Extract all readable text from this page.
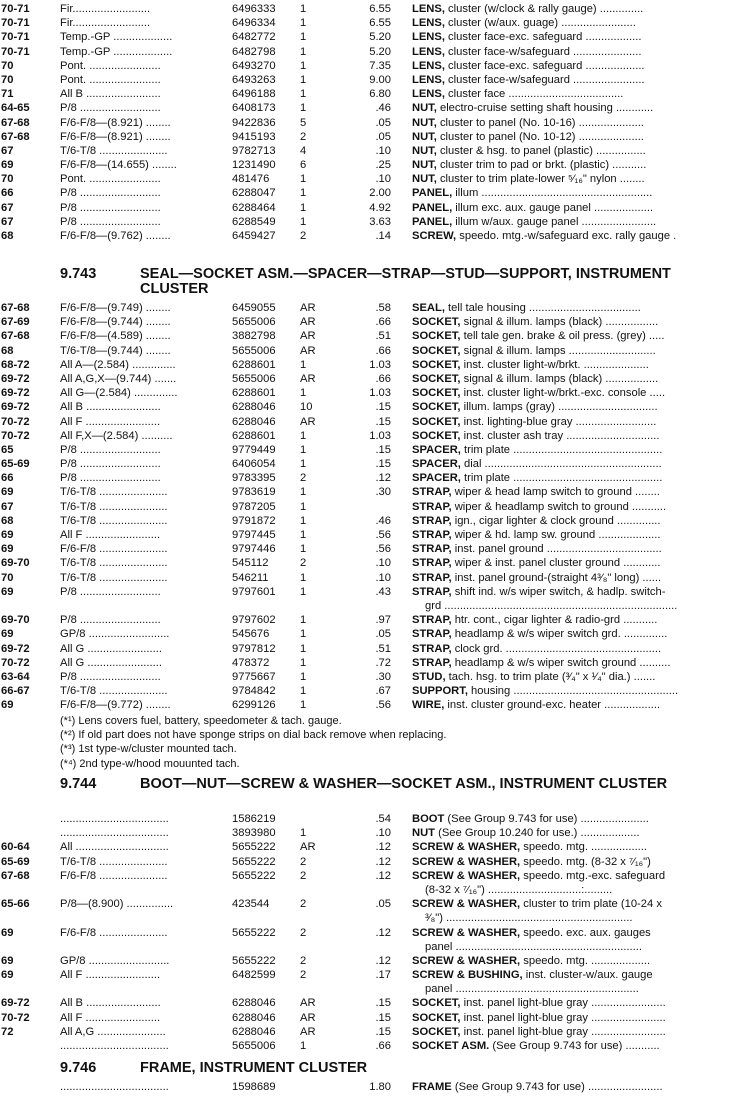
70-71	Fir.........................	6496333 1	6.55 LENS, cluster (w/clock & rally gauge) ..............
70-71	Fir.........................	6496334 1	6.55 LENS, cluster (w/aux. guage) ........................
70-71	Temp.-GP ...................	6482772 1	5.20 LENS, cluster face-exc. safeguard ..................
70-71	Temp.-GP ...................	6482798 1	5.20 LENS, cluster face-w/safeguard ......................
70	Pont. .......................	6493270 1	7.35 LENS, cluster face-exc. safeguard ...................
70	Pont. .......................	6493263 1	9.00 LENS, cluster face-w/safeguard .......................
71	All B ........................	6496188 1	6.80 LENS, cluster face .....................................
64-65	P/8 ..........................	6408173 1	.46 NUT, electro-cruise setting shaft housing ............
67-68	F/6-F/8—(8.921) ........	9422836 5	.05 NUT, cluster to panel (No. 10-16) .....................
67-68	F/6-F/8—(8.921) ........	9415193 2	.05 NUT, cluster to panel (No. 10-12) .....................
67	T/6-T/8 ......................	9782713 4	.10 NUT, cluster & hsg. to panel (plastic) ................
69	F/6-F/8—(14.655) ........	1231490 6	.25 NUT, cluster trim to pad or brkt. (plastic) ...........
70	Pont. .......................	481476	1	.10 NUT, cluster to trim plate-lower ⁵⁄₁₆" nylon ........
66	P/8 ..........................	6288047 1	2.00 PANEL, illum .......................................................
67	P/8 ..........................	6288464 1	4.92 PANEL, illum exc. aux. gauge panel ...................
67	P/8 ..........................	6288549 1	3.63 PANEL, illum w/aux. gauge panel ........................
68	F/6-F/8—(9.762) ........	6459427 2	.14 SCREW, speedo. mtg.-w/safeguard exc. rally gauge .
9.743	SEAL—SOCKET ASM.—SPACER—STRAP—STUD—SUPPORT, INSTRUMENT CLUSTER
67-68	F/6-F/8—(9.749) ........	6459055 AR	.58 SEAL, tell tale housing ....................................
67-69	F/6-F/8—(9.744) ........	5655006 AR	.66 SOCKET, signal & illum. lamps (black) .................
67-68	F/6-F/8—(4.589) ........	3882798 AR	.51 SOCKET, tell tale gen. brake & oil press. (grey) .....
68	T/6-T/8—(9.744) ........	5655006 AR	.66 SOCKET, signal & illum. lamps ............................
68-72	All A—(2.584) ..............	6288601 1	1.03 SOCKET, inst. cluster light-w/brkt. .....................
69-72	All A,G,X—(9.744) .......	5655006 AR	.66 SOCKET, signal & illum. lamps (black) .................
69-72	All G—(2.584) ..............	6288601 1	1.03 SOCKET, inst. cluster light-w/brkt.-exc. console .....
69-72	All B ........................	6288046 10	.15 SOCKET, illum. lamps (gray) ................................
70-72	All F ........................	6288046 AR	.15 SOCKET, inst. lighting-blue gray ..........................
70-72	All F,X—(2.584) ..........	6288601 1	1.03 SOCKET, inst. cluster ash tray ..............................
65	P/8 ..........................	9779449 1	.15 SPACER, trim plate ................................................
65-69	P/8 ..........................	6406054 1	.15 SPACER, dial .........................................................
66	P/8 ..........................	9783395 2	.12 SPACER, trim plate ................................................
69	T/6-T/8 ......................	9783619 1	.30 STRAP, wiper & head lamp switch to ground ........
67	T/6-T/8 ......................	9787205 1	STRAP, wiper & headlamp switch to ground ...........
68	T/6-T/8 ......................	9791872 1	.46 STRAP, ign., cigar lighter & clock ground ..............
69	All F ........................	9797445 1	.56 STRAP, wiper & hd. lamp sw. ground ....................
69	F/6-F/8 ......................	9797446 1	.56 STRAP, inst. panel ground .....................................
69-70	T/6-T/8 ......................	545112	2	.10 STRAP, wiper & inst. panel cluster ground ............
70	T/6-T/8 ......................	546211	1	.10 STRAP, inst. panel ground-(straight 4³⁄₈" long) ......
69	P/8 ..........................	9797601 1	.43 STRAP, shift ind. w/s wiper switch, & hadlp. switch-
grd ...........................................................................
69-70	P/8 ..........................	9797602 1	.97 STRAP, htr. cont., cigar lighter & radio-grd ...........
69	GP/8 ..........................	545676	1	.05 STRAP, headlamp & w/s wiper switch grd. ..............
69-72	All G ........................	9797812 1	.51 STRAP, clock grd. ..................................................
70-72	All G ........................	478372	1	.72 STRAP, headlamp & w/s wiper switch ground ..........
63-64	P/8 ..........................	9775667 1	.30 STUD, tach. hsg. to trim plate (³⁄₄" x ¹⁄₄" dia.) .......
66-67	T/6-T/8 ......................	9784842 1	.67 SUPPORT, housing .....................................................
69	F/6-F/8—(9.772) ........	6299126 1	.56 WIRE, inst. cluster ground-exc. heater ..................
(*¹) Lens covers fuel, battery, speedometer & tach. gauge.
(*²) If old part does not have sponge strips on dial back remove when replacing.
(*³) 1st type-w/cluster mounted tach.
(*⁴) 2nd type-w/hood mouunted tach.
9.744	BOOT—NUT—SCREW & WASHER—SOCKET ASM., INSTRUMENT CLUSTER
...................................	1586219	.54 BOOT (See Group 9.743 for use) ......................
...................................	3893980 1	.10 NUT (See Group 10.240 for use.) ...................
60-64	All ..............................	5655222 AR	.12 SCREW & WASHER, speedo. mtg. ..................
65-69	T/6-T/8 ......................	5655222 2	.12 SCREW & WASHER, speedo. mtg. (8-32 x ⁷⁄₁₆")
67-68	F/6-F/8 ......................	5655222 2	.12 SCREW & WASHER, speedo. mtg.-exc. safeguard
(8-32 x ⁷⁄₁₆") ..............................:.........
65-66	P/8—(8.900) ...............	423544	2	.05 SCREW & WASHER, cluster to trim plate (10-24 x
³⁄₈") ............................................................
69	F/6-F/8 ......................	5655222 2	.12 SCREW & WASHER, speedo. exc. aux. gauges
panel ............................................................
69	GP/8 ..........................	5655222 2	.12 SCREW & WASHER, speedo. mtg. ...................
69	All F ........................	6482599 2	.17 SCREW & BUSHING, inst. cluster-w/aux. gauge
panel ...........................................................
69-72	All B ........................	6288046 AR	.15 SOCKET, inst. panel light-blue gray ........................
70-72	All F ........................	6288046 AR	.15 SOCKET, inst. panel light-blue gray ........................
72	All A,G ......................	6288046 AR	.15 SOCKET, inst. panel light-blue gray ........................
...................................	5655006 1	.66 SOCKET ASM. (See Group 9.743 for use) ...........
9.746	FRAME, INSTRUMENT CLUSTER
...................................	1598689	1.80 FRAME (See Group 9.743 for use) ........................
